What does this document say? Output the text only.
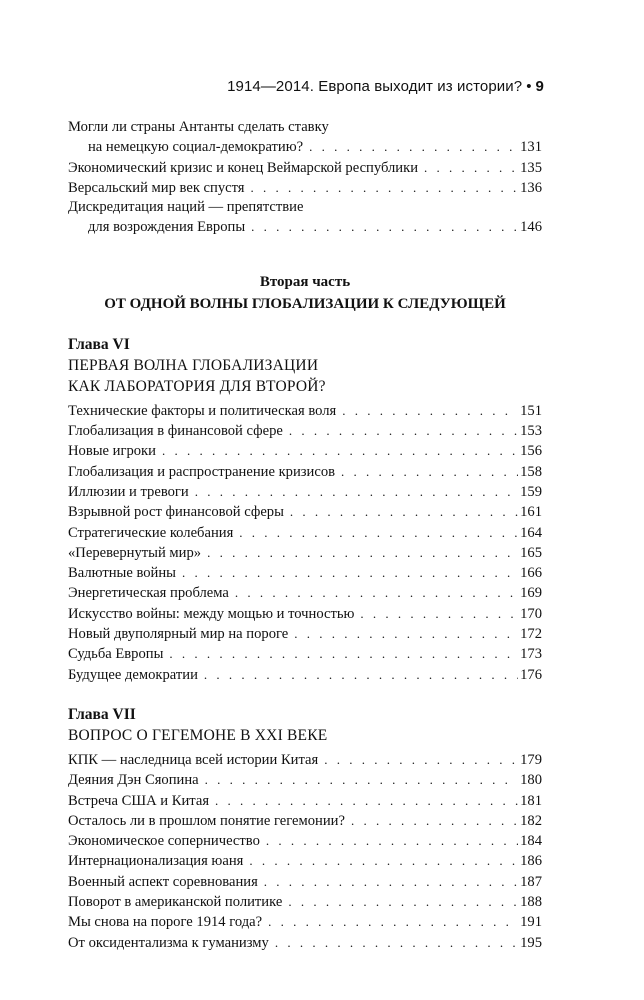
1914—2014. Европа выходит из истории? • 9
Могли ли страны Антанты сделать ставку
на немецкую социал-демократию? . . .	131
Экономический кризис и конец Веймарской республики . . .	135
Версальский мир век спустя . . .	136
Дискредитация наций — препятствие
для возрождения Европы . . .	146
Вторая часть
ОТ ОДНОЙ ВОЛНЫ ГЛОБАЛИЗАЦИИ К СЛЕДУЮЩЕЙ
Глава VI
ПЕРВАЯ ВОЛНА ГЛОБАЛИЗАЦИИ
КАК ЛАБОРАТОРИЯ ДЛЯ ВТОРОЙ?
Технические факторы и политическая воля . . .	151
Глобализация в финансовой сфере . . .	153
Новые игроки . . .	156
Глобализация и распространение кризисов . . .	158
Иллюзии и тревоги . . .	159
Взрывной рост финансовой сферы . . .	161
Стратегические колебания . . .	164
«Перевернутый мир» . . .	165
Валютные войны . . .	166
Энергетическая проблема . . .	169
Искусство войны: между мощью и точностью . . .	170
Новый двуполярный мир на пороге . . .	172
Судьба Европы . . .	173
Будущее демократии . . .	176
Глава VII
ВОПРОС О ГЕГЕМОНЕ В XXI ВЕКЕ
КПК — наследница всей истории Китая . . .	179
Деяния Дэн Сяопина . . .	180
Встреча США и Китая . . .	181
Осталось ли в прошлом понятие гегемонии? . . .	182
Экономическое соперничество . . .	184
Интернационализация юаня . . .	186
Военный аспект соревнования . . .	187
Поворот в американской политике . . .	188
Мы снова на пороге 1914 года? . . .	191
От оксидентализма к гуманизму . . .	195
